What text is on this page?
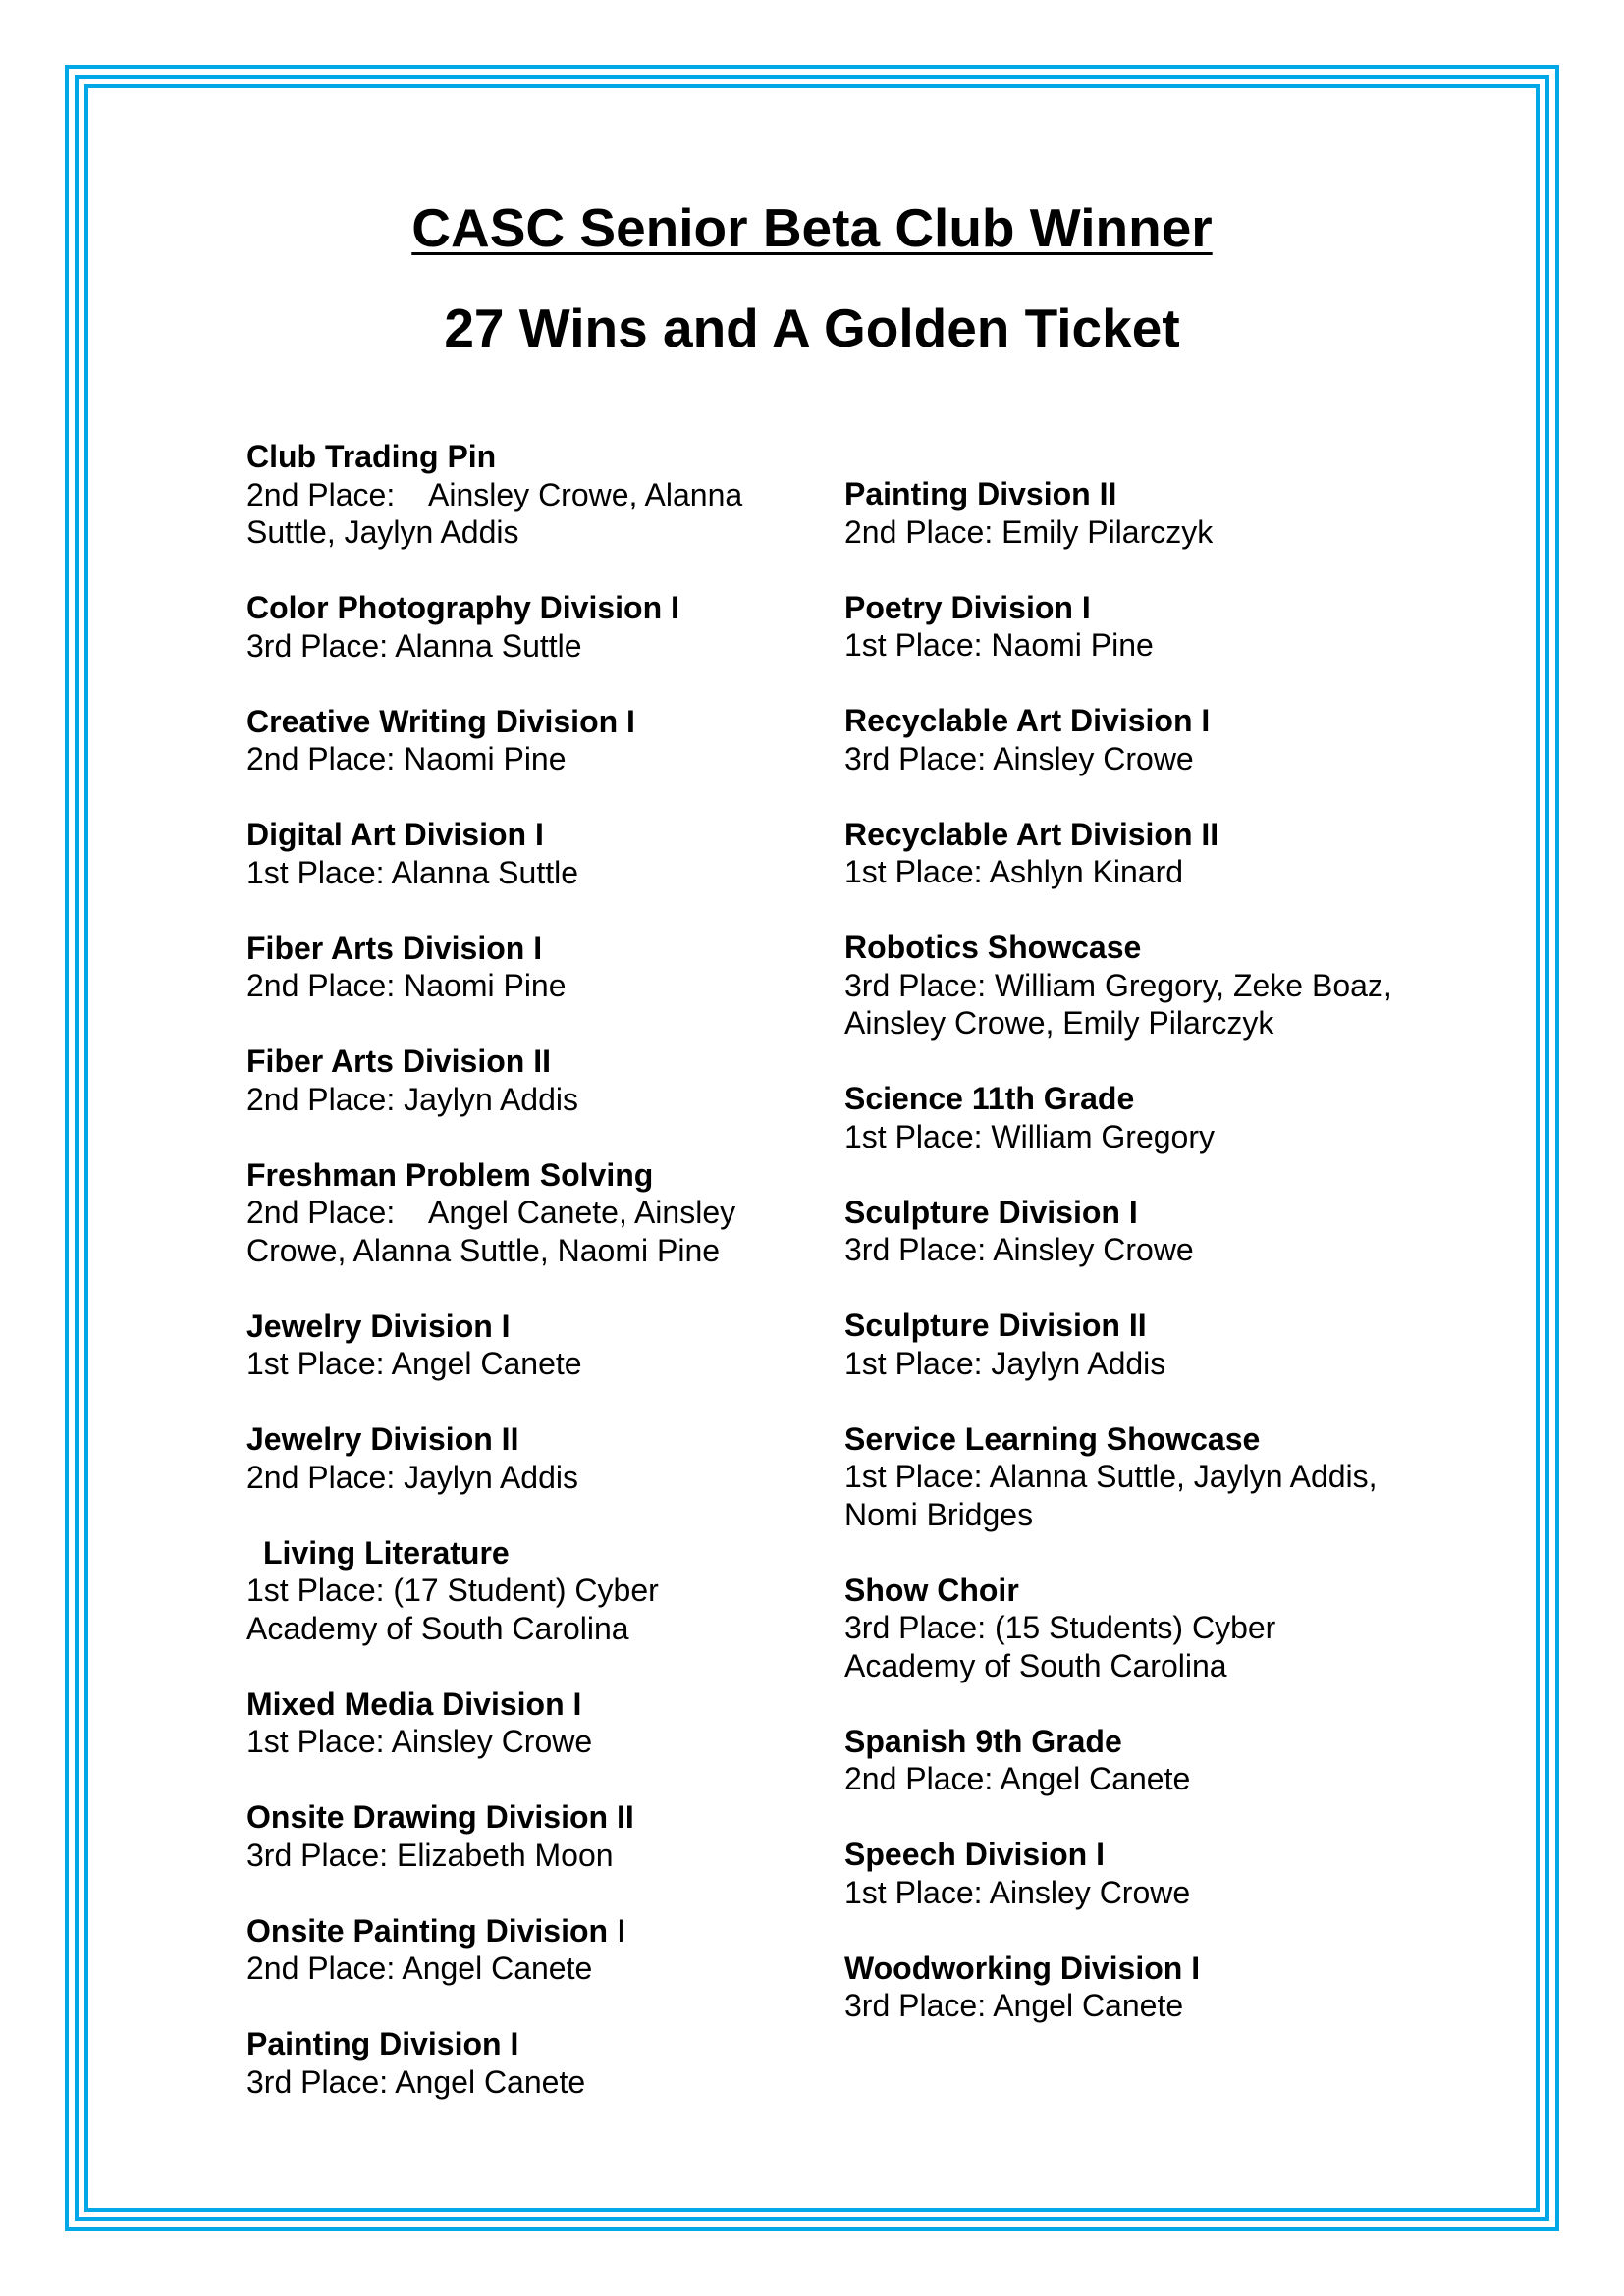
CASC Senior Beta Club Winner
27 Wins and A Golden Ticket
Club Trading Pin
2nd Place:    Ainsley Crowe, Alanna Suttle, Jaylyn Addis
Color Photography Division I
3rd Place: Alanna Suttle
Creative Writing Division I
2nd Place: Naomi Pine
Digital Art Division I
1st Place: Alanna Suttle
Fiber Arts Division I
2nd Place: Naomi Pine
Fiber Arts Division II
2nd Place: Jaylyn Addis
Freshman Problem Solving
2nd Place:    Angel Canete, Ainsley Crowe, Alanna Suttle, Naomi Pine
Jewelry Division I
1st Place: Angel Canete
Jewelry Division II
2nd Place: Jaylyn Addis
Living Literature
1st Place: (17 Student) Cyber Academy of South Carolina
Mixed Media Division I
1st Place: Ainsley Crowe
Onsite Drawing Division II
3rd Place: Elizabeth Moon
Onsite Painting Division I
2nd Place: Angel Canete
Painting Division I
3rd Place: Angel Canete
Painting Divsion II
2nd Place: Emily Pilarczyk
Poetry Division I
1st Place: Naomi Pine
Recyclable Art Division I
3rd Place: Ainsley Crowe
Recyclable Art Division II
1st Place: Ashlyn Kinard
Robotics Showcase
3rd Place: William Gregory, Zeke Boaz, Ainsley Crowe, Emily Pilarczyk
Science 11th Grade
1st Place: William Gregory
Sculpture Division I
3rd Place: Ainsley Crowe
Sculpture Division II
1st Place: Jaylyn Addis
Service Learning Showcase
1st Place: Alanna Suttle, Jaylyn Addis, Nomi Bridges
Show Choir
3rd Place: (15 Students) Cyber Academy of South Carolina
Spanish 9th Grade
2nd Place: Angel Canete
Speech Division I
1st Place: Ainsley Crowe
Woodworking Division I
3rd Place: Angel Canete
